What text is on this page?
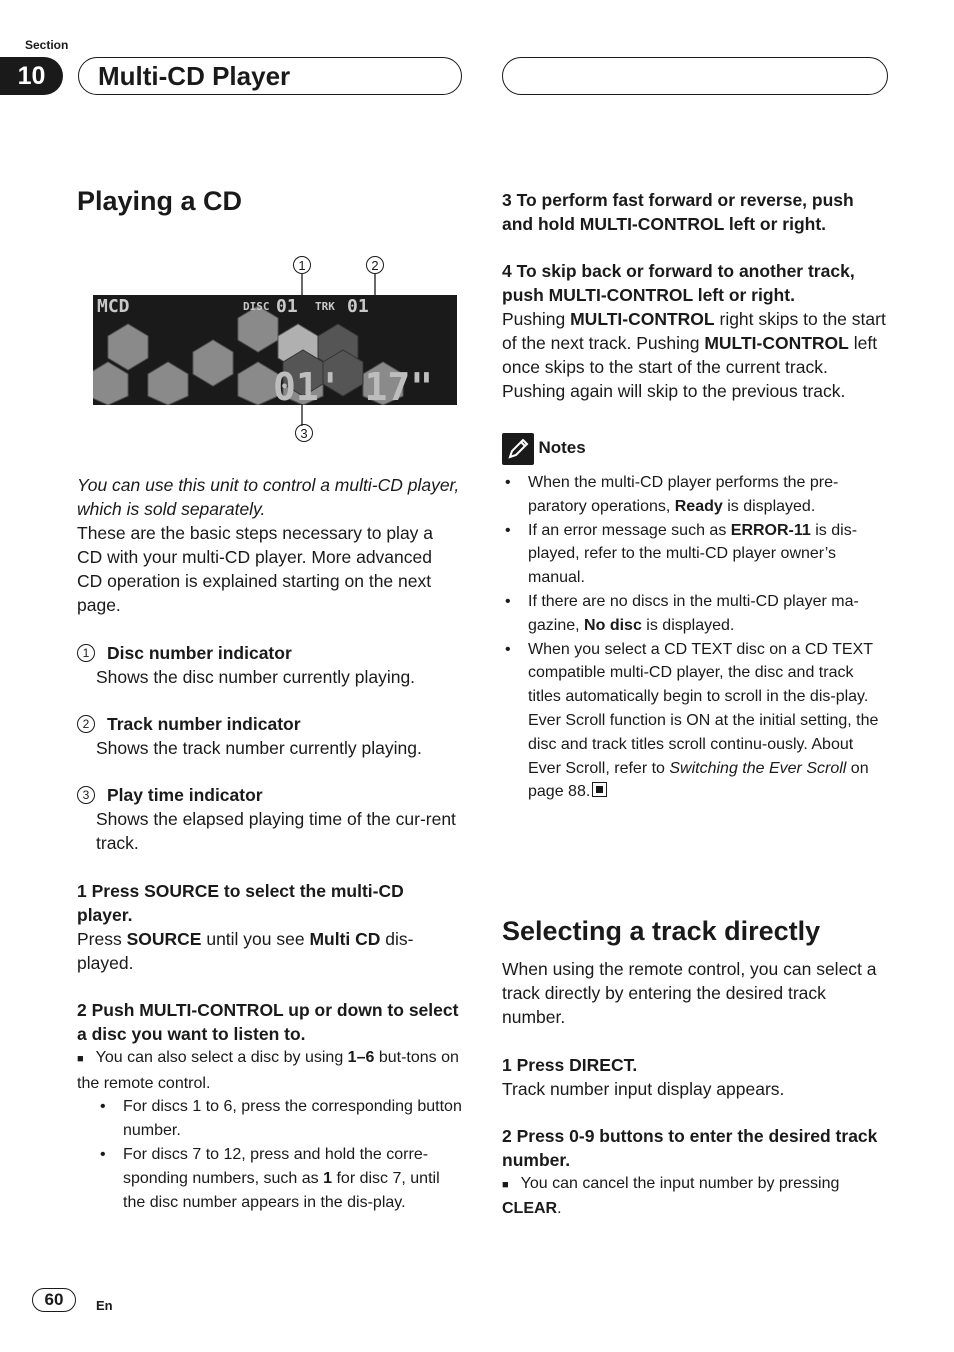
Section
10	Multi-CD Player
Playing a CD
1	2
3
MCD	DISC 01 TRK 01
01' 17"

You can use this unit to control a multi-CD player, which is sold separately.

These are the basic steps necessary to play a CD with your multi-CD player. More advanced CD operation is explained starting on the next page.

1 Disc number indicator

Shows the disc number currently playing.

2 Track number indicator

Shows the track number currently playing.

3 Play time indicator

Shows the elapsed playing time of the cur-rent track.

1 Press SOURCE to select the multi-CD player.

Press SOURCE until you see Multi CD dis-played.

2 Push MULTI-CONTROL up or down to select a disc you want to listen to.

■ You can also select a disc by using 1–6 but-tons on the remote control.

• For discs 1 to 6, press the corresponding button number.

• For discs 7 to 12, press and hold the corre-sponding numbers, such as 1 for disc 7, until the disc number appears in the dis-play.

3 To perform fast forward or reverse, push and hold MULTI-CONTROL left or right.

4 To skip back or forward to another track, push MULTI-CONTROL left or right.

Pushing MULTI-CONTROL right skips to the start of the next track. Pushing MULTI-CONTROL left once skips to the start of the current track. Pushing again will skip to the previous track.

Notes

• When the multi-CD player performs the pre-paratory operations, Ready is displayed.

• If an error message such as ERROR-11 is dis-played, refer to the multi-CD player owner’s manual.

• If there are no discs in the multi-CD player ma-gazine, No disc is displayed.

• When you select a CD TEXT disc on a CD TEXT compatible multi-CD player, the disc and track titles automatically begin to scroll in the dis-play. Ever Scroll function is ON at the initial setting, the disc and track titles scroll continu-ously. About Ever Scroll, refer to Switching the Ever Scroll on page 88.

Selecting a track directly

When using the remote control, you can select a track directly by entering the desired track number.

1 Press DIRECT.

Track number input display appears.

2 Press 0-9 buttons to enter the desired track number.

■ You can cancel the input number by pressing CLEAR.

60	En
